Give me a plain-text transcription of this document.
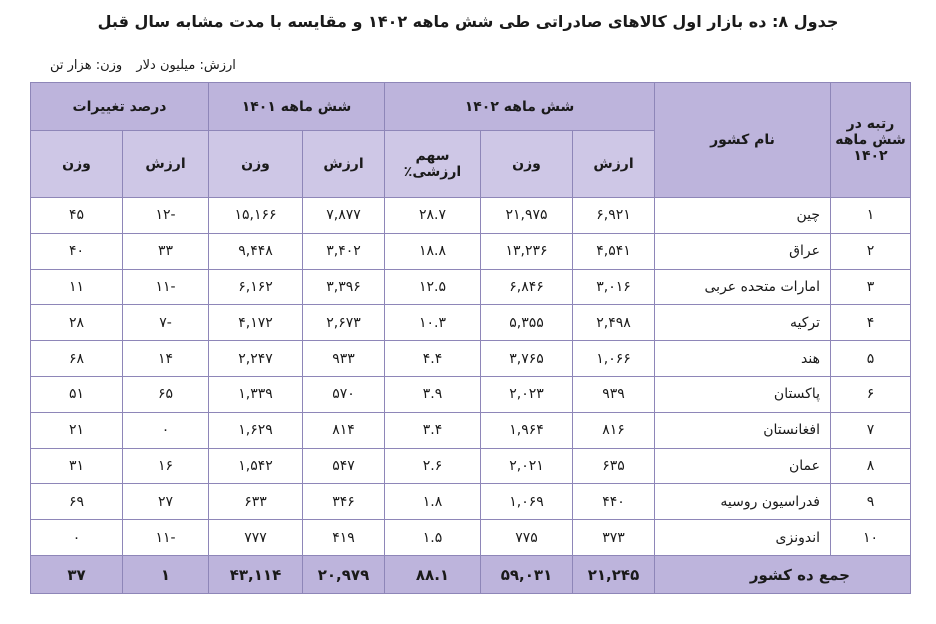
جدول ۸: ده بازار اول کالاهای صادراتی طی شش ماهه ۱۴۰۲ و مقایسه با مدت مشابه سال قبل
ارزش: میلیون دلار وزن: هزار تن
رتبه در شش ماهه ۱۴۰۲	نام کشور	شش ماهه ۱۴۰۲			شش ماهه ۱۴۰۱		درصد تغییرات	
		ارزش	وزن	سهم ارزشی٪	ارزش	وزن	ارزش	وزن
۱	چین	۶,۹۲۱	۲۱,۹۷۵	۲۸.۷	۷,۸۷۷	۱۵,۱۶۶	-۱۲	۴۵
۲	عراق	۴,۵۴۱	۱۳,۲۳۶	۱۸.۸	۳,۴۰۲	۹,۴۴۸	۳۳	۴۰
۳	امارات متحده عربی	۳,۰۱۶	۶,۸۴۶	۱۲.۵	۳,۳۹۶	۶,۱۶۲	-۱۱	۱۱
۴	ترکیه	۲,۴۹۸	۵,۳۵۵	۱۰.۳	۲,۶۷۳	۴,۱۷۲	-۷	۲۸
۵	هند	۱,۰۶۶	۳,۷۶۵	۴.۴	۹۳۳	۲,۲۴۷	۱۴	۶۸
۶	پاکستان	۹۳۹	۲,۰۲۳	۳.۹	۵۷۰	۱,۳۳۹	۶۵	۵۱
۷	افغانستان	۸۱۶	۱,۹۶۴	۳.۴	۸۱۴	۱,۶۲۹	۰	۲۱
۸	عمان	۶۳۵	۲,۰۲۱	۲.۶	۵۴۷	۱,۵۴۲	۱۶	۳۱
۹	فدراسیون روسیه	۴۴۰	۱,۰۶۹	۱.۸	۳۴۶	۶۳۳	۲۷	۶۹
۱۰	اندونزی	۳۷۳	۷۷۵	۱.۵	۴۱۹	۷۷۷	-۱۱	۰
جمع ده کشور		۲۱,۲۴۵	۵۹,۰۳۱	۸۸.۱	۲۰,۹۷۹	۴۳,۱۱۴	۱	۳۷
